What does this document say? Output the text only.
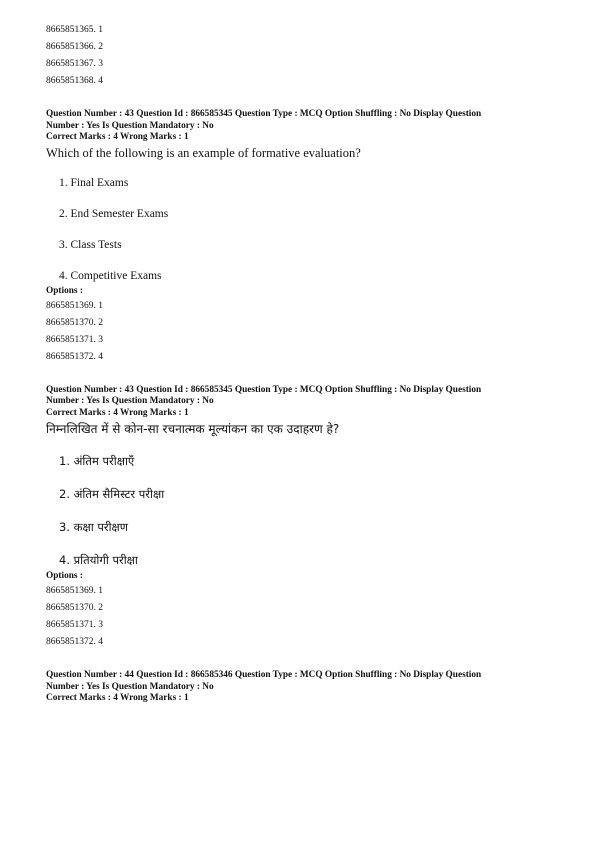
8665851365. 1
8665851366. 2
8665851367. 3
8665851368. 4
Question Number : 43 Question Id : 866585345 Question Type : MCQ Option Shuffling : No Display Question
Number : Yes Is Question Mandatory : No
Correct Marks : 4 Wrong Marks : 1
Which of the following is an example of formative evaluation?
1. Final Exams
2. End Semester Exams
3. Class Tests
4. Competitive Exams
Options :
8665851369. 1
8665851370. 2
8665851371. 3
8665851372. 4
Question Number : 43 Question Id : 866585345 Question Type : MCQ Option Shuffling : No Display Question
Number : Yes Is Question Mandatory : No
Correct Marks : 4 Wrong Marks : 1
निम्नलिखित में से कोन-सा रचनात्मक मूल्यांकन का एक उदाहरण हे?
1. अंतिम परीक्षाएँ
2. अंतिम सैमिस्टर परीक्षा
3. कक्षा परीक्षण
4. प्रतियोगी परीक्षा
Options :
8665851369. 1
8665851370. 2
8665851371. 3
8665851372. 4
Question Number : 44 Question Id : 866585346 Question Type : MCQ Option Shuffling : No Display Question
Number : Yes Is Question Mandatory : No
Correct Marks : 4 Wrong Marks : 1
